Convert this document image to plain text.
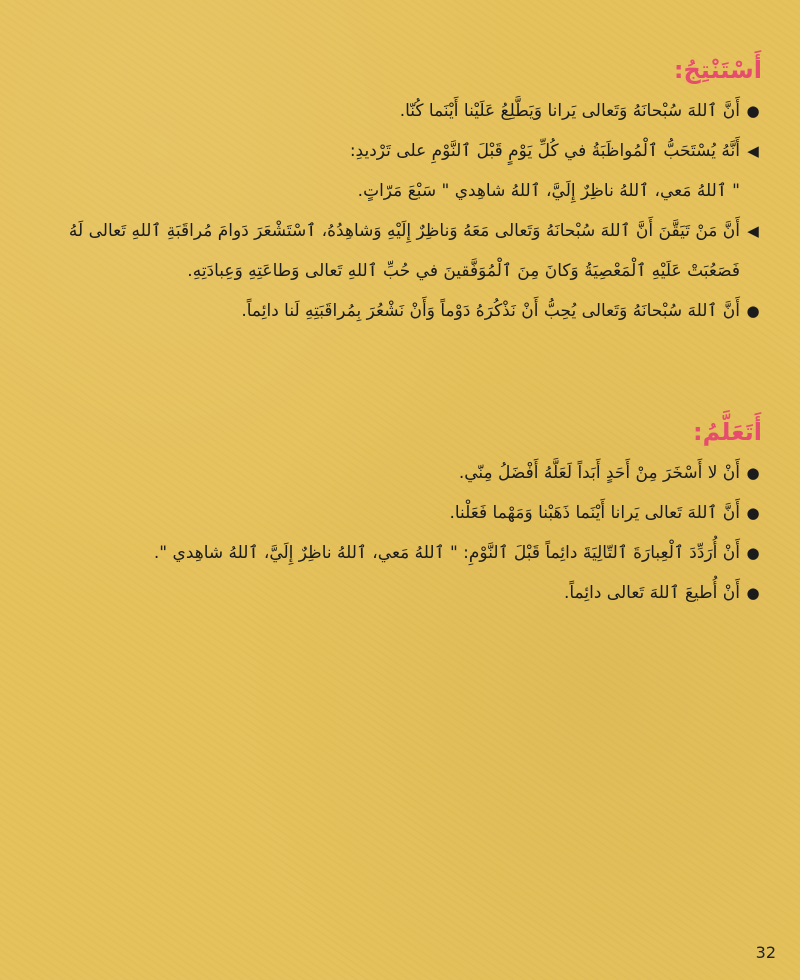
أَسْتَنْتِجُ:
●
أَنَّ ٱللهَ سُبْحانَهُ وَتَعالى يَرانا وَيَطَّلِعُ عَلَيْنا أَيْنَما كُنّا.
◀
أَنَّهُ يُسْتَحَبُّ ٱلْمُواظَبَةُ في كُلِّ يَوْمٍ قَبْلَ ٱلنَّوْمِ على تَرْديدِ:
" ٱللهُ مَعي، ٱللهُ ناظِرٌ إِلَيَّ، ٱللهُ شاهِدي " سَبْعَ مَرّاتٍ.
◀
أَنَّ مَنْ تَيَقَّنَ أَنَّ ٱللهَ سُبْحانَهُ وَتَعالى مَعَهُ وَناظِرٌ إِلَيْهِ وَشاهِدُهُ، ٱسْتَشْعَرَ دَوامَ مُراقَبَةِ ٱللهِ تَعالى لَهُ
فَصَعُبَتْ عَلَيْهِ ٱلْمَعْصِيَةُ وَكانَ مِنَ ٱلْمُوَفَّقينَ في حُبِّ ٱللهِ تَعالى وَطاعَتِهِ وَعِبادَتِهِ.
●
أَنَّ ٱللهَ سُبْحانَهُ وَتَعالى يُحِبُّ أَنْ نَذْكُرَهُ دَوْماً وَأَنْ نَشْعُرَ بِمُراقَبَتِهِ لَنا دائِماً.
أَتَعَلَّمُ:
●
أَنْ لا أَسْخَرَ مِنْ أَحَدٍ أَبَداً لَعَلَّهُ أَفْضَلُ مِنّي.
●
أَنَّ ٱللهَ تَعالى يَرانا أَيْنَما ذَهَبْنا وَمَهْما فَعَلْنا.
●
أَنْ أُرَدِّدَ ٱلْعِبارَةَ ٱلتّالِيَةَ دائِماً قَبْلَ ٱلنَّوْمِ: " ٱللهُ مَعي، ٱللهُ ناظِرٌ إِلَيَّ، ٱللهُ شاهِدي ".
●
أَنْ أُطيعَ ٱللهَ تَعالى دائِماً.
32
